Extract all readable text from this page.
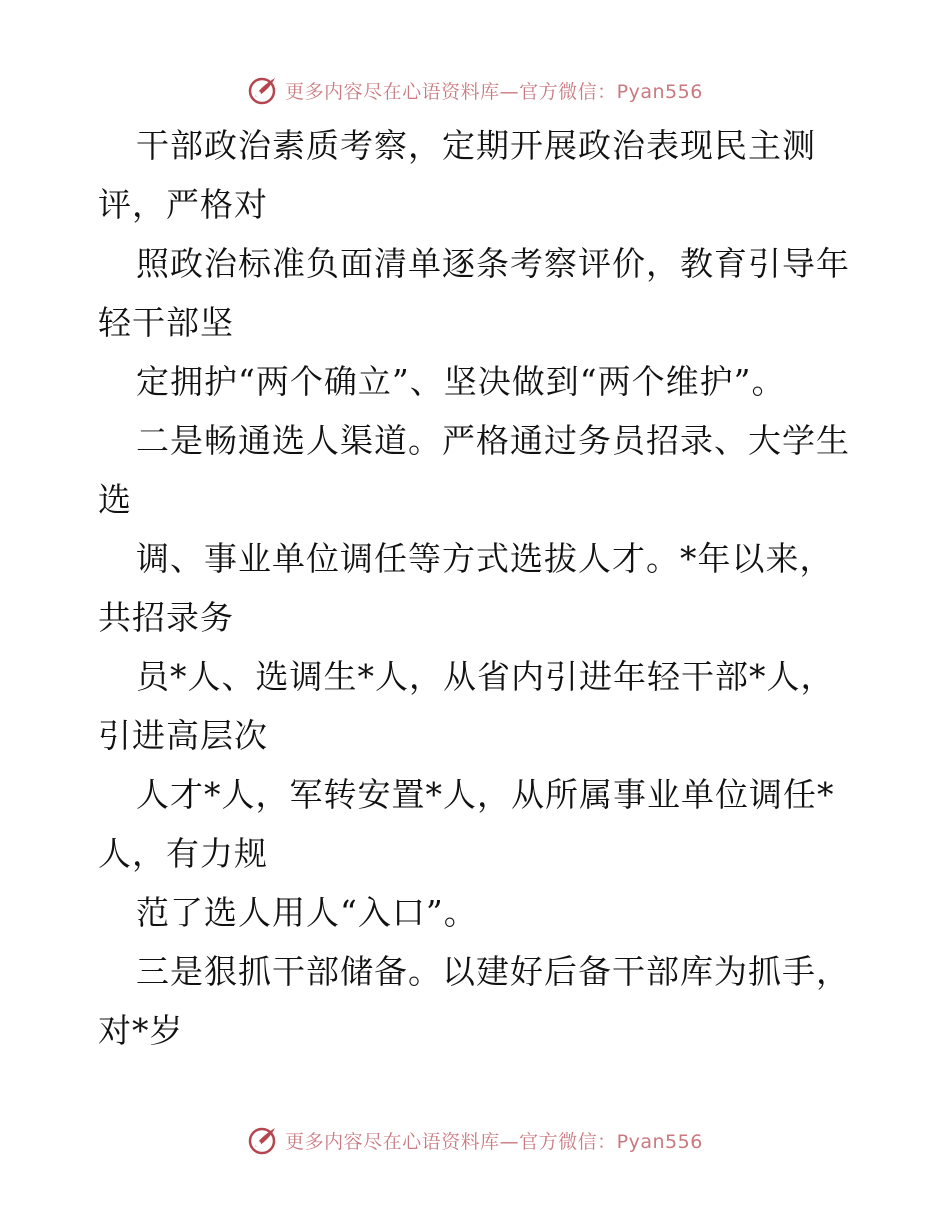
更多内容尽在心语资料库—官方微信：Pyan556
干部政治素质考察，定期开展政治表现民主测
评，严格对
照政治标准负面清单逐条考察评价，教育引导年
轻干部坚
定拥护“两个确立”、坚决做到“两个维护”。
二是畅通选人渠道。严格通过务员招录、大学生
选
调、事业单位调任等方式选拔人才。*年以来，
共招录务
员*人、选调生*人，从省内引进年轻干部*人，
引进高层次
人才*人，军转安置*人，从所属事业单位调任*
人，有力规
范了选人用人“入口”。
三是狠抓干部储备。以建好后备干部库为抓手，
对*岁
更多内容尽在心语资料库—官方微信：Pyan556
